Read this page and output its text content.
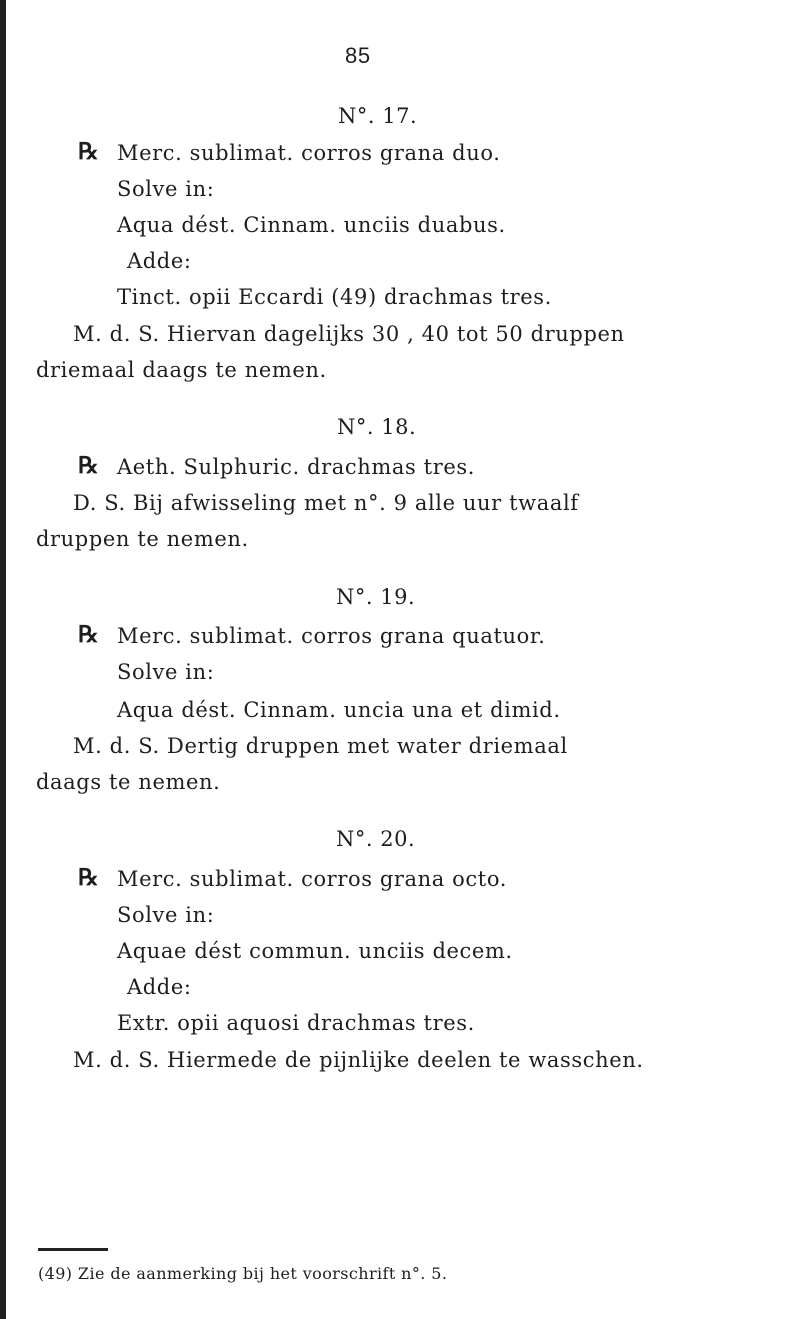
85
N°. 17.
℞ Merc. sublimat. corros grana duo.
Solve in:
Aqua dést. Cinnam. unciis duabus.
Adde:
Tinct. opii Eccardi (49) drachmas tres.
M. d. S. Hiervan dagelijks 30 , 40 tot 50 druppen
driemaal daags te nemen.
N°. 18.
℞ Aeth. Sulphuric. drachmas tres.
D. S. Bij afwisseling met n°. 9 alle uur twaalf
druppen te nemen.
N°. 19.
℞ Merc. sublimat. corros grana quatuor.
Solve in:
Aqua dést. Cinnam. uncia una et dimid.
M. d. S. Dertig druppen met water driemaal
daags te nemen.
N°. 20.
℞ Merc. sublimat. corros grana octo.
Solve in:
Aquae dést commun. unciis decem.
Adde:
Extr. opii aquosi drachmas tres.
M. d. S. Hiermede de pijnlijke deelen te wasschen.
(49) Zie de aanmerking bij het voorschrift n°. 5.
